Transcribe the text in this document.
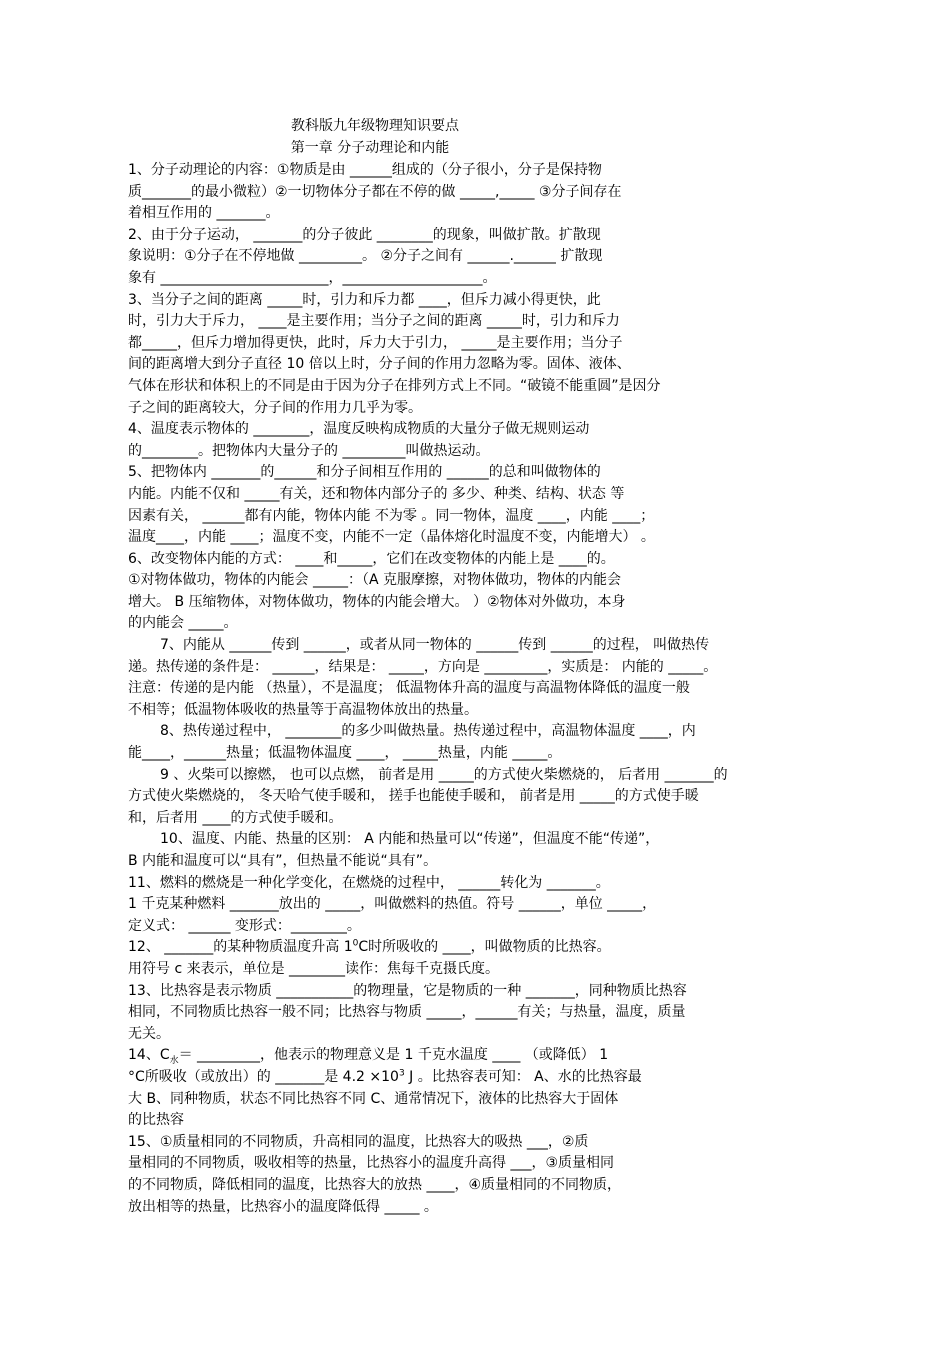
教科版九年级物理知识要点
第一章 分子动理论和内能
1、分子动理论的内容：①物质是由 ______组成的（分子很小，分子是保持物
质_______的最小微粒）②一切物体分子都在不停的做 _____,_____ ③分子间存在
着相互作用的 _______。
2、由于分子运动， _______的分子彼此 ________的现象，叫做扩散。扩散现
象说明：①分子在不停地做 _________。 ②分子之间有 ______.______ 扩散现
象有 ________________________，____________________。
3、当分子之间的距离 _____时，引力和斥力都 ____，但斥力减小得更快，此
时，引力大于斥力， ____是主要作用；当分子之间的距离 _____时，引力和斥力
都_____，但斥力增加得更快，此时，斥力大于引力， _____是主要作用；当分子
间的距离增大到分子直径 10 倍以上时，分子间的作用力忽略为零。固体、液体、
气体在形状和体积上的不同是由于因为分子在排列方式上不同。“破镜不能重圆”是因分
子之间的距离较大，分子间的作用力几乎为零。
4、温度表示物体的 ________，温度反映构成物质的大量分子做无规则运动
的________。把物体内大量分子的 _________叫做热运动。
5、把物体内 _______的______和分子间相互作用的 ______的总和叫做物体的
内能。内能不仅和 _____有关，还和物体内部分子的 多少、种类、结构、状态 等
因素有关， ______都有内能，物体内能 不为零 。同一物体，温度 ____，内能 ____；
温度____，内能 ____；温度不变，内能不一定（晶体熔化时温度不变，内能增大） 。
6、改变物体内能的方式： ____和_____，它们在改变物体的内能上是 ____的。
①对物体做功，物体的内能会 _____：（A 克服摩擦，对物体做功，物体的内能会
增大。 B 压缩物体，对物体做功，物体的内能会增大。 ）②物体对外做功，本身
的内能会 _____。
7、内能从 ______传到 ______，或者从同一物体的 ______传到 ______的过程， 叫做热传
递。热传递的条件是： ______，结果是： _____，方向是 _________，实质是： 内能的 _____。
注意：传递的是内能 （热量），不是温度； 低温物体升高的温度与高温物体降低的温度一般
不相等；低温物体吸收的热量等于高温物体放出的热量。
8、热传递过程中， ________的多少叫做热量。热传递过程中，高温物体温度 ____，内
能____，______热量；低温物体温度 ____， _____热量，内能 _____。
9 、火柴可以擦燃， 也可以点燃， 前者是用 _____的方式使火柴燃烧的， 后者用 _______的
方式使火柴燃烧的， 冬天哈气使手暖和， 搓手也能使手暖和， 前者是用 _____的方式使手暖
和，后者用 ____的方式使手暖和。
10、温度、内能、热量的区别： A 内能和热量可以“传递”，但温度不能“传递”，
B 内能和温度可以“具有”，但热量不能说“具有”。
11、燃料的燃烧是一种化学变化，在燃烧的过程中， ______转化为 _______。
1 千克某种燃料 _______放出的 _____，叫做燃料的热值。符号 ______，单位 _____，
定义式： ______ 变形式：________。
12、 _______的某种物质温度升高 $1^0C$时所吸收的 ____，叫做物质的比热容。
用符号 c 来表示，单位是 ________读作：焦每千克摄氏度。
13、比热容是表示物质 ___________的物理量，它是物质的一种 _______，同种物质比热容
相同，不同物质比热容一般不同；比热容与物质 _____，______有关；与热量，温度，质量
无关。
14、$C_水=$ _________，他表示的物理意义是 1 千克水温度 ____ （或降低） 1
°C所吸收（或放出）的 _______是 $4.2 \times 10^3$ J 。比热容表可知： A、水的比热容最
大 B、同种物质，状态不同比热容不同 C、通常情况下，液体的比热容大于固体
的比热容
15、①质量相同的不同物质，升高相同的温度，比热容大的吸热 ___，②质
量相同的不同物质，吸收相等的热量，比热容小的温度升高得 ___，③质量相同
的不同物质，降低相同的温度，比热容大的放热 ____，④质量相同的不同物质，
放出相等的热量，比热容小的温度降低得 _____ 。
